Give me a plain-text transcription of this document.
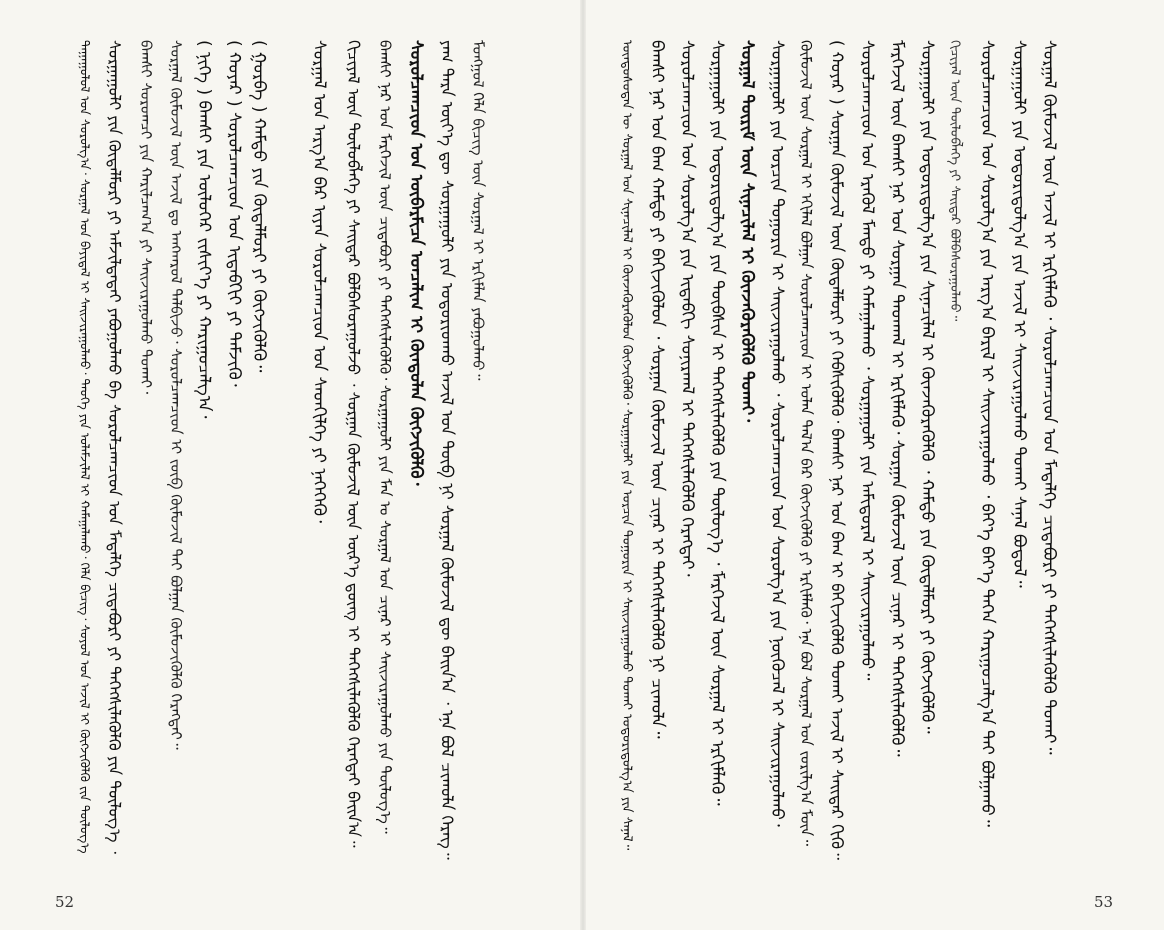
ᠳᠠᠭᠠᠭᠤᠯᠤᠯ ᠤᠨ ᠰᠤᠷᠤᠯᠭ᠎ᠠ᠂ ᠰᠤᠷᠭᠠᠯ ᠤᠨ ᠪᠠᠶᠢᠳᠠᠯ ᠢ ᠰᠠᠢᠵᠢᠷᠠᠭᠤᠯᠬᠤ᠂ ᠲᠡᠦᠬᠡ ᠶᠢᠨ ᠤᠯᠠᠮᠵᠢᠯᠠᠯ ᠢ ᠬᠠᠮᠠᠭᠠᠯᠠᠬᠤ᠂ ᠬᠡᠯᠡ ᠪᠢᠴᠢᠭ᠂ ᠰᠣᠶᠤᠯ ᠤᠨ ᠠᠵᠢᠯ ᠢ ᠬᠥᠭᠵᠢᠭᠦᠯᠬᠦ ᠵᠢᠨ ᠲᠥᠯᠦᠭ᠎ᠡ ᠰᠤᠷᠭᠠᠭᠤᠯᠢ ᠶᠢᠨ ᠬᠥᠳᠡᠯᠮᠦᠷᠢ ᠶᠢ ᠠᠮᠵᠢᠯᠲᠠᠲᠠᠢ ᠶᠠᠪᠤᠭᠤᠯᠬᠤ ᠪᠠ ᠰᠤᠷᠤᠯᠴᠠᠭᠴᠢᠳ ᠤᠨ ᠮᠡᠳᠡᠯᠭᠡ ᠴᠢᠳᠠᠪᠤᠷᠢ ᠶᠢ ᠳᠡᠭᠡᠭᠰᠢᠯᠡᠭᠦᠯᠬᠦ ᠶᠢᠨ ᠲᠥᠯᠦᠭ᠎ᠡ ᠂ ᠪᠠᠭᠰᠢ ᠰᠤᠷᠤᠭᠴᠢ ᠶᠢᠨ ᠬᠠᠷᠢᠯᠴᠠᠭ᠎ᠠ ᠶᠢ ᠰᠠᠢᠵᠢᠷᠠᠭᠤᠯᠬᠤ ᠲᠤᠬᠠᠢ᠂ ᠰᠤᠷᠭᠠᠯ ᠬᠦᠮᠦᠵᠢᠯ ᠦᠨ ᠠᠵᠢᠯ ᠳᠤ ᠠᠩᠬᠠᠷᠤᠯ ᠲᠠᠯᠪᠢᠵᠤ᠂ ᠰᠤᠷᠤᠯᠴᠠᠭᠴᠢᠳ ᠢ ᠵᠥᠪ ᠬᠦᠮᠦᠵᠢᠯ ᠲᠡᠢ ᠪᠣᠯᠭᠠᠨ ᠬᠥᠮᠦᠵᠢᠭᠦᠯᠬᠦ ᠬᠡᠷᠡᠭᠲᠡᠢ᠃ ( ᠨᠢᠭᠡ ) ᠪᠠᠭᠰᠢ ᠶᠢᠨ ᠦᠯᠦᠭᠡᠷ ᠵᠢᠱᠢᠶ᠎ᠡ ᠶᠢ ᠬᠠᠷᠢᠭᠤᠴᠠᠯᠭ᠎ᠠ᠂ ( ᠬᠣᠶᠠᠷ ) ᠰᠤᠷᠤᠯᠴᠠᠭᠴᠢᠳ ᠤᠨ ᠢᠳᠡᠪᠬᠢᠢ ᠶᠢ ᠳᠡᠮᠵᠢᠬᠦ᠂ ( ᠭᠤᠷᠪᠠ ) ᠬᠠᠮᠲᠤ ᠶᠢᠨ ᠬᠥᠳᠡᠯᠮᠦᠷᠢ ᠶᠢ ᠬᠥᠭᠵᠢᠭᠦᠯᠬᠦ᠃ ᠰᠤᠷᠭᠠᠯ ᠤᠨ ᠠᠷᠭ᠎ᠠ ᠪᠠᠷ ᠢᠶᠠᠨ ᠰᠤᠷᠤᠯᠴᠠᠭᠴᠢᠳ ᠤᠨ ᠰᠡᠳᠬᠢᠯᠭᠡ ᠶᠢ ᠨᠡᠭᠡᠭᠡᠬᠦ᠂ ᠬᠢᠴᠢᠶᠡᠯ ᠦᠨ ᠲᠥᠯᠦᠪᠯᠡᠭᠡ ᠶᠢ ᠰᠠᠢᠲᠠᠷ ᠪᠣᠯᠪᠠᠰᠤᠷᠠᠭᠤᠯᠵᠤ ᠂ ᠰᠤᠷᠭᠠᠨ ᠬᠥᠮᠦᠵᠢᠯ ᠦᠨ ᠦᠷ᠎ᠡ ᠳ᠋ᠦᠩ ᠢ ᠳᠡᠭᠡᠭᠰᠢᠯᠡᠭᠦᠯᠬᠦ ᠬᠡᠷᠡᠭᠲᠡᠢ ᠪᠠᠢᠨ᠎ᠠ᠃ ᠪᠠᠭᠰᠢ ᠨᠠᠷ ᠤᠨ ᠮᠡᠷᠭᠡᠵᠢᠯ ᠦᠨ ᠴᠢᠳᠠᠪᠤᠷᠢ ᠶᠢ ᠳᠡᠭᠡᠭᠰᠢᠯᠡᠭᠦᠯᠬᠦ᠂ ᠰᠤᠷᠭᠠᠭᠤᠯᠢ ᠶᠢᠨ ᠮᠠᠨ ᠤ ᠰᠤᠷᠭᠠᠯ ᠤᠨ ᠴᠢᠨᠠᠷ ᠢ ᠰᠠᠢᠵᠢᠷᠠᠭᠤᠯᠬᠤ ᠶᠢᠨ ᠲᠥᠯᠦᠭ᠎ᠡ᠃ ᠰᠤᠷᠤᠯᠴᠠᠭᠴᠢᠳ ᠤᠨ ᠥᠪᠡᠷᠮᠢᠴᠡ ᠣᠨᠴᠠᠯᠢᠭ ᠢ ᠬᠦᠨᠳᠦᠯᠡᠨ ᠬᠥᠭᠵᠢᠭᠦᠯᠬᠦ᠂ ᠶᠠᠭ ᠲᠡᠷᠡ ᠦᠶ᠎ᠡ ᠳᠦ ᠰᠤᠷᠭᠠᠭᠤᠯᠢ ᠶᠢᠨ ᠤᠳᠤᠷᠢᠳᠬᠤ ᠠᠵᠢᠯ ᠤᠨ ᠲᠥᠪ ᠨᠢ ᠰᠤᠷᠭᠠᠯ ᠬᠦᠮᠦᠵᠢᠯ ᠳᠦ ᠪᠠᠢᠨ᠎ᠠ ᠂ ᠡᠨᠡ ᠪᠣᠯ ᠴᠢᠬᠤᠯᠠ ᠬᠡᠷᠡᠭ᠃ ᠮᠣᠩᠭᠣᠯ ᠬᠡᠯᠡ ᠪᠢᠴᠢᠭ ᠦᠨ ᠰᠤᠷᠭᠠᠯ ᠢ ᠡᠷᠬᠢᠮᠯᠡᠨ ᠶᠠᠪᠤᠭᠤᠯᠬᠤ᠃	ᠦᠨᠳᠦᠰᠦᠲᠡᠨ ᠦ ᠰᠤᠷᠭᠠᠯ ᠤᠨ ᠰᠢᠨᠡᠴᠢᠯᠡᠯ ᠢ ᠭᠦᠨᠵᠡᠭᠦᠷᠡᠭᠦᠯᠦᠨ ᠬᠥᠭᠵᠢᠭᠦᠯᠬᠦ᠂ ᠰᠤᠷᠭᠠᠭᠤᠯᠢ ᠶᠢᠨ ᠣᠷᠴᠢᠨ ᠲᠣᠭᠣᠷᠢᠨ ᠢ ᠰᠠᠢᠵᠢᠷᠠᠭᠤᠯᠬᠤ ᠲᠤᠬᠠᠢ ᠤᠳᠤᠷᠢᠳᠤᠯᠭ᠎ᠠ ᠶᠢᠨ ᠰᠠᠨᠠᠯ᠃ ᠪᠠᠭᠰᠢ ᠨᠠᠷ ᠤᠨ ᠪᠠᠭ ᠬᠠᠮᠲᠤ ᠶᠢ ᠪᠡᠬᠢᠵᠢᠭᠦᠯᠦᠨ ᠂ ᠰᠤᠷᠭᠠᠨ ᠬᠥᠮᠦᠵᠢᠯ ᠦᠨ ᠴᠢᠨᠠᠷ ᠢ ᠳᠡᠭᠡᠭᠰᠢᠯᠡᠭᠦᠯᠬᠦ ᠨᠢ ᠴᠢᠬᠤᠯᠠ᠃ ᠰᠤᠷᠤᠯᠴᠠᠭᠴᠢᠳ ᠤᠨ ᠰᠤᠷᠤᠯᠭ᠎ᠠ ᠶᠢᠨ ᠢᠳᠡᠪᠬᠢ ᠰᠣᠨᠢᠷᠬᠠᠯ ᠢ ᠳᠡᠭᠡᠭᠰᠢᠯᠡᠭᠦᠯᠬᠦ ᠬᠡᠷᠡᠭᠲᠡᠢ᠂ ᠰᠤᠷᠭᠠᠭᠤᠯᠢ ᠶᠢᠨ ᠤᠳᠤᠷᠢᠳᠤᠯᠭ᠎ᠠ ᠶᠢᠨ ᠲᠦᠪᠰᠢᠨ ᠢ ᠳᠡᠭᠡᠭᠰᠢᠯᠡᠭᠦᠯᠬᠦ ᠶᠢᠨ ᠲᠥᠯᠦᠭ᠎ᠡ ᠂ ᠮᠡᠷᠭᠡᠵᠢᠯ ᠦᠨ ᠰᠤᠷᠭᠠᠯ ᠢ ᠡᠷᠬᠢᠮᠯᠡᠬᠦ᠃ ᠰᠤᠷᠭᠠᠯ ᠲᠦᠷᠢᠮ ᠦᠨ ᠰᠢᠨᠡᠴᠢᠯᠡᠯ ᠢ ᠭᠦᠨᠵᠡᠭᠦᠷᠡᠭᠦᠯᠬᠦ ᠲᠤᠬᠠᠢ᠂ ᠰᠤᠷᠭᠠᠭᠤᠯᠢ ᠶᠢᠨ ᠣᠷᠴᠢᠨ ᠲᠣᠭᠣᠷᠢᠨ ᠢ ᠰᠠᠢᠵᠢᠷᠠᠭᠤᠯᠬᠤ ᠂ ᠰᠤᠷᠤᠯᠴᠠᠭᠴᠢᠳ ᠤᠨ ᠰᠤᠷᠤᠯᠭ᠎ᠠ ᠶᠢᠨ ᠨᠥᠬᠦᠴᠡᠯ ᠢ ᠰᠠᠢᠵᠢᠷᠠᠭᠤᠯᠬᠤ᠂ ᠬᠦᠮᠦᠵᠢᠯ ᠦᠨ ᠰᠤᠷᠭᠠᠯ ᠢ ᠡᠬᠢᠯᠡᠯ ᠪᠣᠯᠭᠠᠨ ᠰᠤᠷᠤᠯᠴᠠᠭᠴᠢᠳ ᠢ ᠣᠯᠠᠨ ᠲᠠᠯ᠎ᠠ ᠪᠠᠷ ᠬᠥᠭᠵᠢᠭᠦᠯᠬᠦ ᠶᠢ ᠡᠷᠬᠢᠮᠯᠡᠬᠦ᠂ ᠡᠨᠡ ᠪᠣᠯ ᠰᠤᠷᠭᠠᠯ ᠤᠨ ᠵᠣᠷᠢᠯᠭ᠎ᠠ ᠮᠥᠨ᠃ ( ᠬᠣᠶᠠᠷ ) ᠰᠤᠷᠭᠠᠨ ᠬᠥᠮᠦᠵᠢᠯ ᠦᠨ ᠬᠥᠳᠡᠯᠮᠦᠷᠢ ᠶᠢ ᠬᠡᠪᠰᠢᠭᠦᠯᠬᠦ᠂ ᠪᠠᠭᠰᠢ ᠨᠠᠷ ᠤᠨ ᠪᠠᠭ ᠢ ᠪᠡᠬᠢᠵᠢᠭᠦᠯᠬᠦ ᠲᠤᠬᠠᠢ ᠠᠵᠢᠯ ᠢ ᠰᠠᠢᠲᠠᠷ ᠬᠢᠬᠦ᠃ ᠰᠤᠷᠤᠯᠴᠠᠭᠴᠢᠳ ᠤᠨ ᠡᠷᠡᠭᠦᠯ ᠮᠡᠨᠳᠦ ᠶᠢ ᠬᠠᠮᠠᠭᠠᠯᠠᠬᠤ ᠂ ᠰᠤᠷᠭᠠᠭᠤᠯᠢ ᠶᠢᠨ ᠠᠮᠢᠳᠤᠷᠠᠯ ᠢ ᠰᠠᠢᠵᠢᠷᠠᠭᠤᠯᠬᠤ᠃ ᠮᠡᠷᠭᠡᠵᠢᠯ ᠦᠨ ᠪᠠᠭᠰᠢ ᠨᠠᠷ ᠤᠨ ᠰᠤᠷᠭᠠᠨ ᠳᠠᠳᠬᠠᠯ ᠢ ᠡᠷᠬᠢᠮᠯᠡᠬᠦ᠂ ᠰᠤᠷᠭᠠᠨ ᠬᠥᠮᠦᠵᠢᠯ ᠦᠨ ᠴᠢᠨᠠᠷ ᠢ ᠳᠡᠭᠡᠭᠰᠢᠯᠡᠭᠦᠯᠬᠦ᠃ ᠰᠤᠷᠭᠠᠭᠤᠯᠢ ᠶᠢᠨ ᠤᠳᠤᠷᠢᠳᠤᠯᠭ᠎ᠠ ᠶᠢᠨ ᠰᠢᠨᠡᠴᠢᠯᠡᠯ ᠢ ᠭᠦᠨᠵᠡᠭᠦᠷᠡᠭᠦᠯᠬᠦ ᠂ ᠬᠠᠮᠲᠤ ᠶᠢᠨ ᠬᠥᠳᠡᠯᠮᠦᠷᠢ ᠶᠢ ᠬᠥᠭᠵᠢᠭᠦᠯᠬᠦ᠃ ᠬᠢᠴᠢᠶᠡᠯ ᠦᠨ ᠲᠥᠯᠦᠪᠯᠡᠭᠡ ᠶᠢ ᠰᠠᠢᠲᠠᠷ ᠪᠣᠯᠪᠠᠰᠤᠷᠠᠭᠤᠯᠬᠤ᠃ ᠰᠤᠷᠤᠯᠴᠠᠭᠴᠢᠳ ᠤᠨ ᠰᠤᠷᠤᠯᠭ᠎ᠠ ᠶᠢᠨ ᠠᠷᠭ᠎ᠠ ᠪᠠᠷᠢᠯ ᠢ ᠰᠠᠢᠵᠢᠷᠠᠭᠤᠯᠬᠤ ᠂ ᠪᠡᠶ᠎ᠡ ᠪᠡᠶ᠎ᠡ ᠳᠡᠭᠡᠨ ᠬᠠᠷᠢᠭᠤᠴᠠᠯᠭ᠎ᠠ ᠲᠡᠢ ᠪᠣᠯᠭᠠᠬᠤ᠃ ᠰᠤᠷᠭᠠᠭᠤᠯᠢ ᠶᠢᠨ ᠤᠳᠤᠷᠢᠳᠤᠯᠭ᠎ᠠ ᠶᠢᠨ ᠠᠵᠢᠯ ᠢ ᠰᠠᠢᠵᠢᠷᠠᠭᠤᠯᠬᠤ ᠲᠤᠬᠠᠢ ᠰᠠᠨᠠᠯ ᠪᠣᠳᠤᠯ᠃ ᠰᠤᠷᠭᠠᠯ ᠬᠦᠮᠦᠵᠢᠯ ᠦᠨ ᠠᠵᠢᠯ ᠢ ᠡᠷᠬᠢᠮᠯᠡᠬᠦ ᠂ ᠰᠤᠷᠤᠯᠴᠠᠭᠴᠢᠳ ᠤᠨ ᠮᠡᠳᠡᠯᠭᠡ ᠴᠢᠳᠠᠪᠤᠷᠢ ᠶᠢ ᠳᠡᠭᠡᠭᠰᠢᠯᠡᠭᠦᠯᠬᠦ ᠲᠤᠬᠠᠢ᠃
52	53
